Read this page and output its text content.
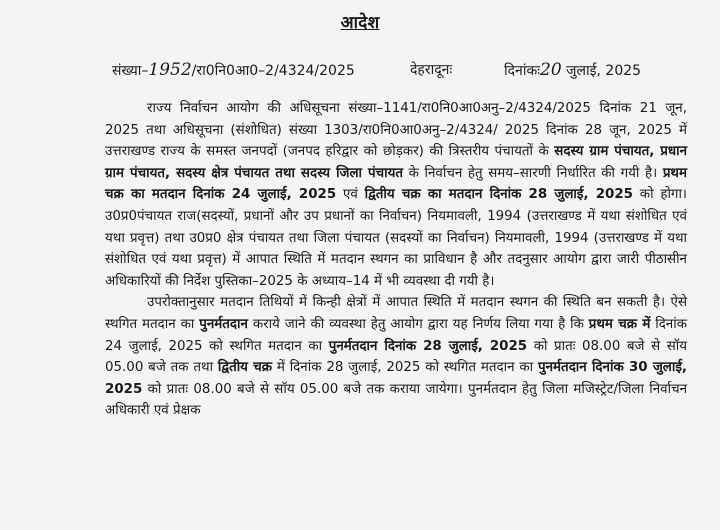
आदेश
संख्या–1952/रा0नि0आ0–2/4324/2025	देहरादूनः	दिनांकः20 जुलाई, 2025

राज्य निर्वाचन आयोग की अधिसूचना संख्या–1141/रा0नि0आ0अनु–2/4324/2025 दिनांक 21 जून, 2025 तथा अधिसूचना (संशोधित) संख्या 1303/रा0नि0आ0अनु–2/4324/ 2025 दिनांक 28 जून, 2025 में उत्तराखण्ड राज्य के समस्त जनपदों (जनपद हरिद्वार को छोड़कर) की त्रिस्तरीय पंचायतों के सदस्य ग्राम पंचायत, प्रधान ग्राम पंचायत, सदस्य क्षेत्र पंचायत तथा सदस्य जिला पंचायत के निर्वाचन हेतु समय–सारणी निर्धारित की गयी है। प्रथम चक्र का मतदान दिनांक 24 जुलाई, 2025 एवं द्वितीय चक्र का मतदान दिनांक 28 जुलाई, 2025 को होगा। उ0प्र0पंचायत राज(सदस्यों, प्रधानों और उप प्रधानों का निर्वाचन) नियमावली, 1994 (उत्तराखण्ड में यथा संशोधित एवं यथा प्रवृत्त) तथा उ0प्र0 क्षेत्र पंचायत तथा जिला पंचायत (सदस्यों का निर्वाचन) नियमावली, 1994 (उत्तराखण्ड में यथा संशोधित एवं यथा प्रवृत्त) में आपात स्थिति में मतदान स्थगन का प्राविधान है और तदनुसार आयोग द्वारा जारी पीठासीन अधिकारियों की निर्देश पुस्तिका–2025 के अध्याय–14 में भी व्यवस्था दी गयी है।

उपरोक्तानुसार मतदान तिथियों में किन्ही क्षेत्रों में आपात स्थिति में मतदान स्थगन की स्थिति बन सकती है। ऐसे स्थगित मतदान का पुनर्मतदान कराये जाने की व्यवस्था हेतु आयोग द्वारा यह निर्णय लिया गया है कि प्रथम चक्र में दिनांक 24 जुलाई, 2025 को स्थगित मतदान का पुनर्मतदान दिनांक 28 जुलाई, 2025 को प्रातः 08.00 बजे से सॉय 05.00 बजे तक तथा द्वितीय चक्र में दिनांक 28 जुलाई, 2025 को स्थगित मतदान का पुनर्मतदान दिनांक 30 जुलाई, 2025 को प्रातः 08.00 बजे से सॉय 05.00 बजे तक कराया जायेगा। पुनर्मतदान हेतु जिला मजिस्ट्रेट/जिला निर्वाचन अधिकारी एवं प्रेक्षक
